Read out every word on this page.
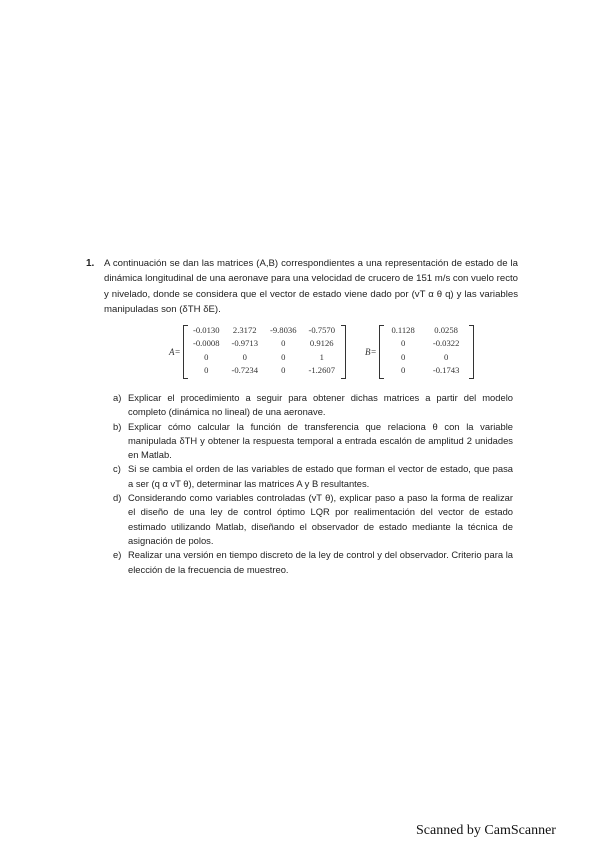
1. A continuación se dan las matrices (A,B) correspondientes a una representación de estado de la dinámica longitudinal de una aeronave para una velocidad de crucero de 151 m/s con vuelo recto y nivelado, donde se considera que el vector de estado viene dado por (vT α θ q) y las variables manipuladas son (δTH δE).

A=
-0.0130	2.3172	-9.8036	-0.7570
-0.0008	-0.9713	0	0.9126
0	0	0	1
0	-0.7234	0	-1.2607
B=
0.1128	0.0258
0	-0.0322
0	0
0	-0.1743
a) Explicar el procedimiento a seguir para obtener dichas matrices a partir del modelo completo (dinámica no lineal) de una aeronave.
b) Explicar cómo calcular la función de transferencia que relaciona θ con la variable manipulada δTH y obtener la respuesta temporal a entrada escalón de amplitud 2 unidades en Matlab.
c) Si se cambia el orden de las variables de estado que forman el vector de estado, que pasa a ser (q α vT θ), determinar las matrices A y B resultantes.
d) Considerando como variables controladas (vT θ), explicar paso a paso la forma de realizar el diseño de una ley de control óptimo LQR por realimentación del vector de estado estimado utilizando Matlab, diseñando el observador de estado mediante la técnica de asignación de polos.
e) Realizar una versión en tiempo discreto de la ley de control y del observador. Criterio para la elección de la frecuencia de muestreo.
Scanned by CamScanner
